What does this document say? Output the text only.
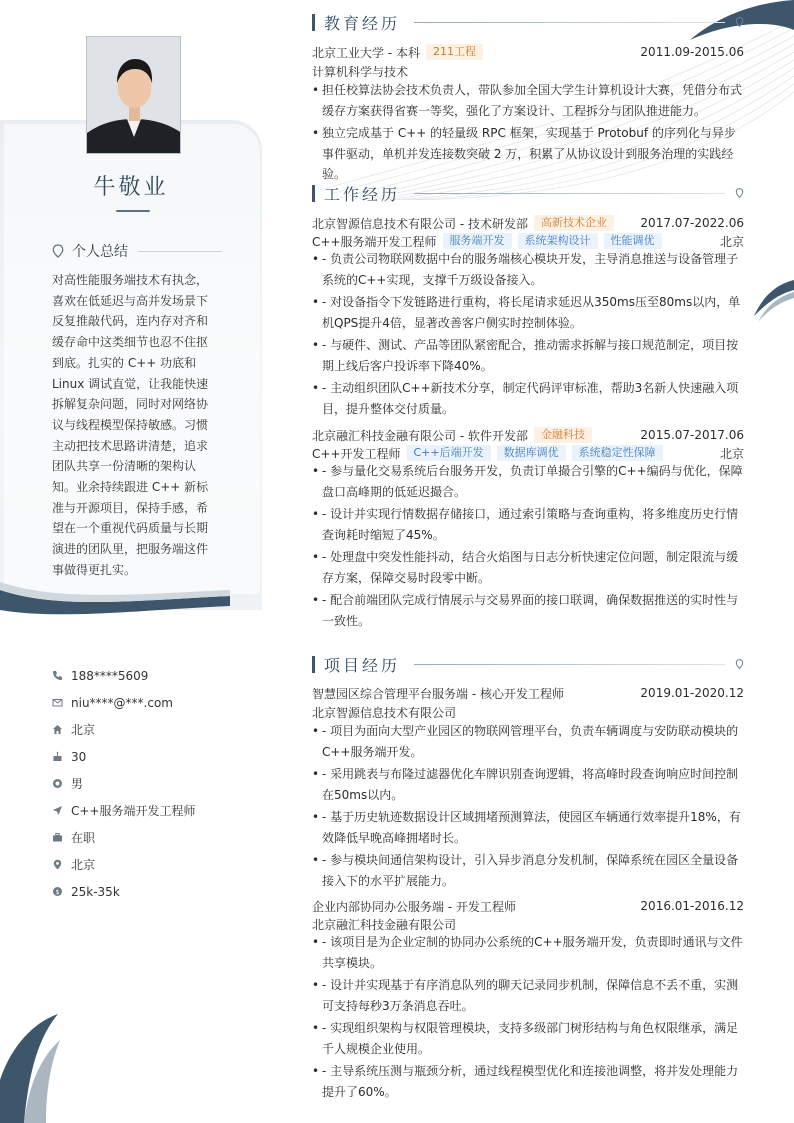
牛敬业
个人总结
对高性能服务端技术有执念，喜欢在低延迟与高并发场景下反复推敲代码，连内存对齐和缓存命中这类细节也忍不住抠到底。扎实的 C++ 功底和 Linux 调试直觉，让我能快速拆解复杂问题，同时对网络协议与线程模型保持敏感。习惯主动把技术思路讲清楚，追求团队共享一份清晰的架构认知。业余持续跟进 C++ 新标准与开源项目，保持手感，希望在一个重视代码质量与长期演进的团队里，把服务端这件事做得更扎实。
188****5609
niu****@***.com
北京
30
男
C++服务端开发工程师
在职
北京
$ 25k-35k
教育经历
北京工业大学 - 本科	211工程	2011.09-2015.06
计算机科学与技术
• 担任校算法协会技术负责人，带队参加全国大学生计算机设计大赛，凭借分布式缓存方案获得省赛一等奖，强化了方案设计、工程拆分与团队推进能力。
• 独立完成基于 C++ 的轻量级 RPC 框架，实现基于 Protobuf 的序列化与异步事件驱动，单机并发连接数突破 2 万，积累了从协议设计到服务治理的实践经验。
工作经历
北京智源信息技术有限公司 - 技术研发部	高新技术企业	2017.07-2022.06
C++服务端开发工程师	服务端开发	系统架构设计	性能调优	北京
• - 负责公司物联网数据中台的服务端核心模块开发，主导消息推送与设备管理子系统的C++实现，支撑千万级设备接入。
• - 对设备指令下发链路进行重构，将长尾请求延迟从350ms压至80ms以内，单机QPS提升4倍，显著改善客户侧实时控制体验。
• - 与硬件、测试、产品等团队紧密配合，推动需求拆解与接口规范制定，项目按期上线后客户投诉率下降40%。
• - 主动组织团队C++新技术分享，制定代码评审标准，帮助3名新人快速融入项目，提升整体交付质量。
北京融汇科技金融有限公司 - 软件开发部	金融科技	2015.07-2017.06
C++开发工程师	C++后端开发	数据库调优	系统稳定性保障	北京
• - 参与量化交易系统后台服务开发，负责订单撮合引擎的C++编码与优化，保障盘口高峰期的低延迟撮合。
• - 设计并实现行情数据存储接口，通过索引策略与查询重构，将多维度历史行情查询耗时缩短了45%。
• - 处理盘中突发性能抖动，结合火焰图与日志分析快速定位问题，制定限流与缓存方案，保障交易时段零中断。
• - 配合前端团队完成行情展示与交易界面的接口联调，确保数据推送的实时性与一致性。
项目经历
智慧园区综合管理平台服务端 - 核心开发工程师	2019.01-2020.12
北京智源信息技术有限公司
• - 项目为面向大型产业园区的物联网管理平台，负责车辆调度与安防联动模块的C++服务端开发。
• - 采用跳表与布隆过滤器优化车牌识别查询逻辑，将高峰时段查询响应时间控制在50ms以内。
• - 基于历史轨迹数据设计区域拥堵预测算法，使园区车辆通行效率提升18%，有效降低早晚高峰拥堵时长。
• - 参与模块间通信架构设计，引入异步消息分发机制，保障系统在园区全量设备接入下的水平扩展能力。
企业内部协同办公服务端 - 开发工程师	2016.01-2016.12
北京融汇科技金融有限公司
• - 该项目是为企业定制的协同办公系统的C++服务端开发，负责即时通讯与文件共享模块。
• - 设计并实现基于有序消息队列的聊天记录同步机制，保障信息不丢不重，实测可支持每秒3万条消息吞吐。
• - 实现组织架构与权限管理模块，支持多级部门树形结构与角色权限继承，满足千人规模企业使用。
• - 主导系统压测与瓶颈分析，通过线程模型优化和连接池调整，将并发处理能力提升了60%。
